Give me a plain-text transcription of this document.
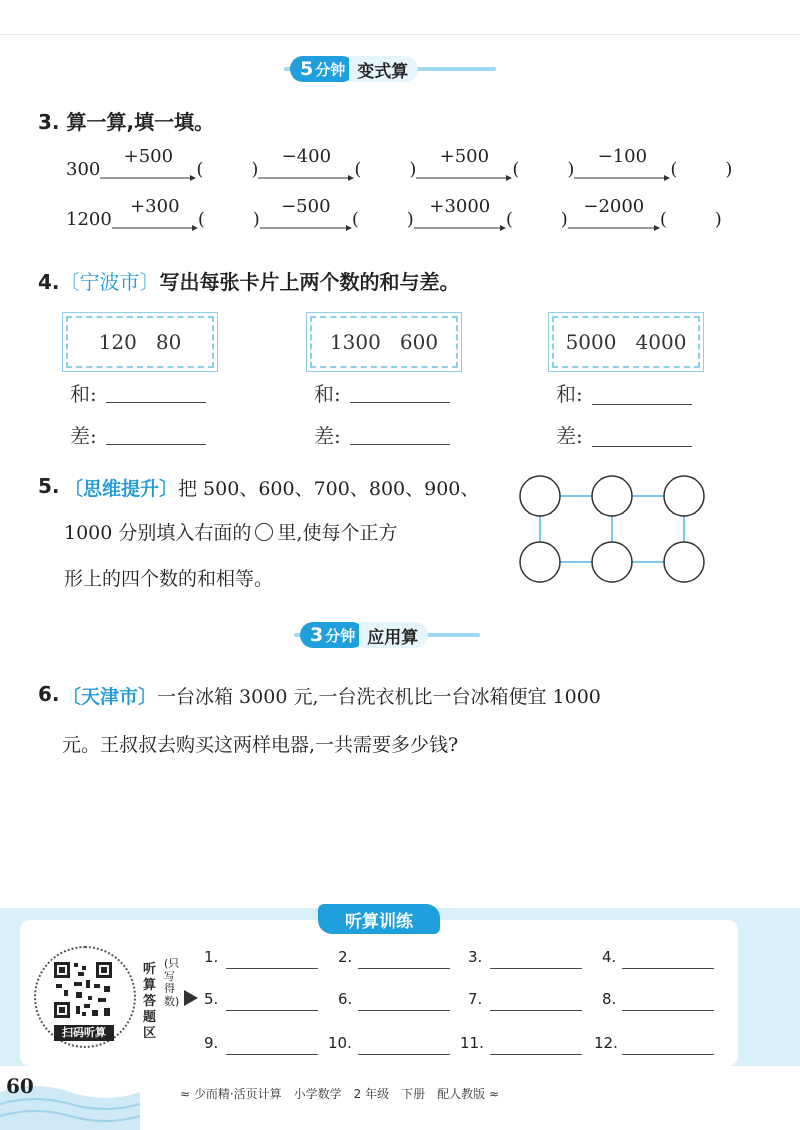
5 分钟 变式算
3. 算一算,填一填。
300
+500
(	)
−400
(	)
+500
(	)
−100
(	)
1200
+300
(	)
−500
(	)
+3000
(	)
−2000
(	)
4.〔宁波市〕写出每张卡片上两个数的和与差。
120   80	1300   600	5000   4000
和:
差:
和:
差:
和:
差:
5. 〔思维提升〕把 500、600、700、800、900、
1000 分别填入右面的 里,使每个正方
形上的四个数的和相等。
3 分钟 应用算
6. 〔天津市〕一台冰箱 3000 元,一台洗衣机比一台冰箱便宜 1000
元。王叔叔去购买这两样电器,一共需要多少钱?
听算训练
扫码听算
听算答题区
(只写得数)
1.	2.	3.	4.
5.	6.	7.	8.
9.	10.	11.	12.
60	≈ 少而精·活页计算　小学数学　2 年级　下册　配人教版 ≈
